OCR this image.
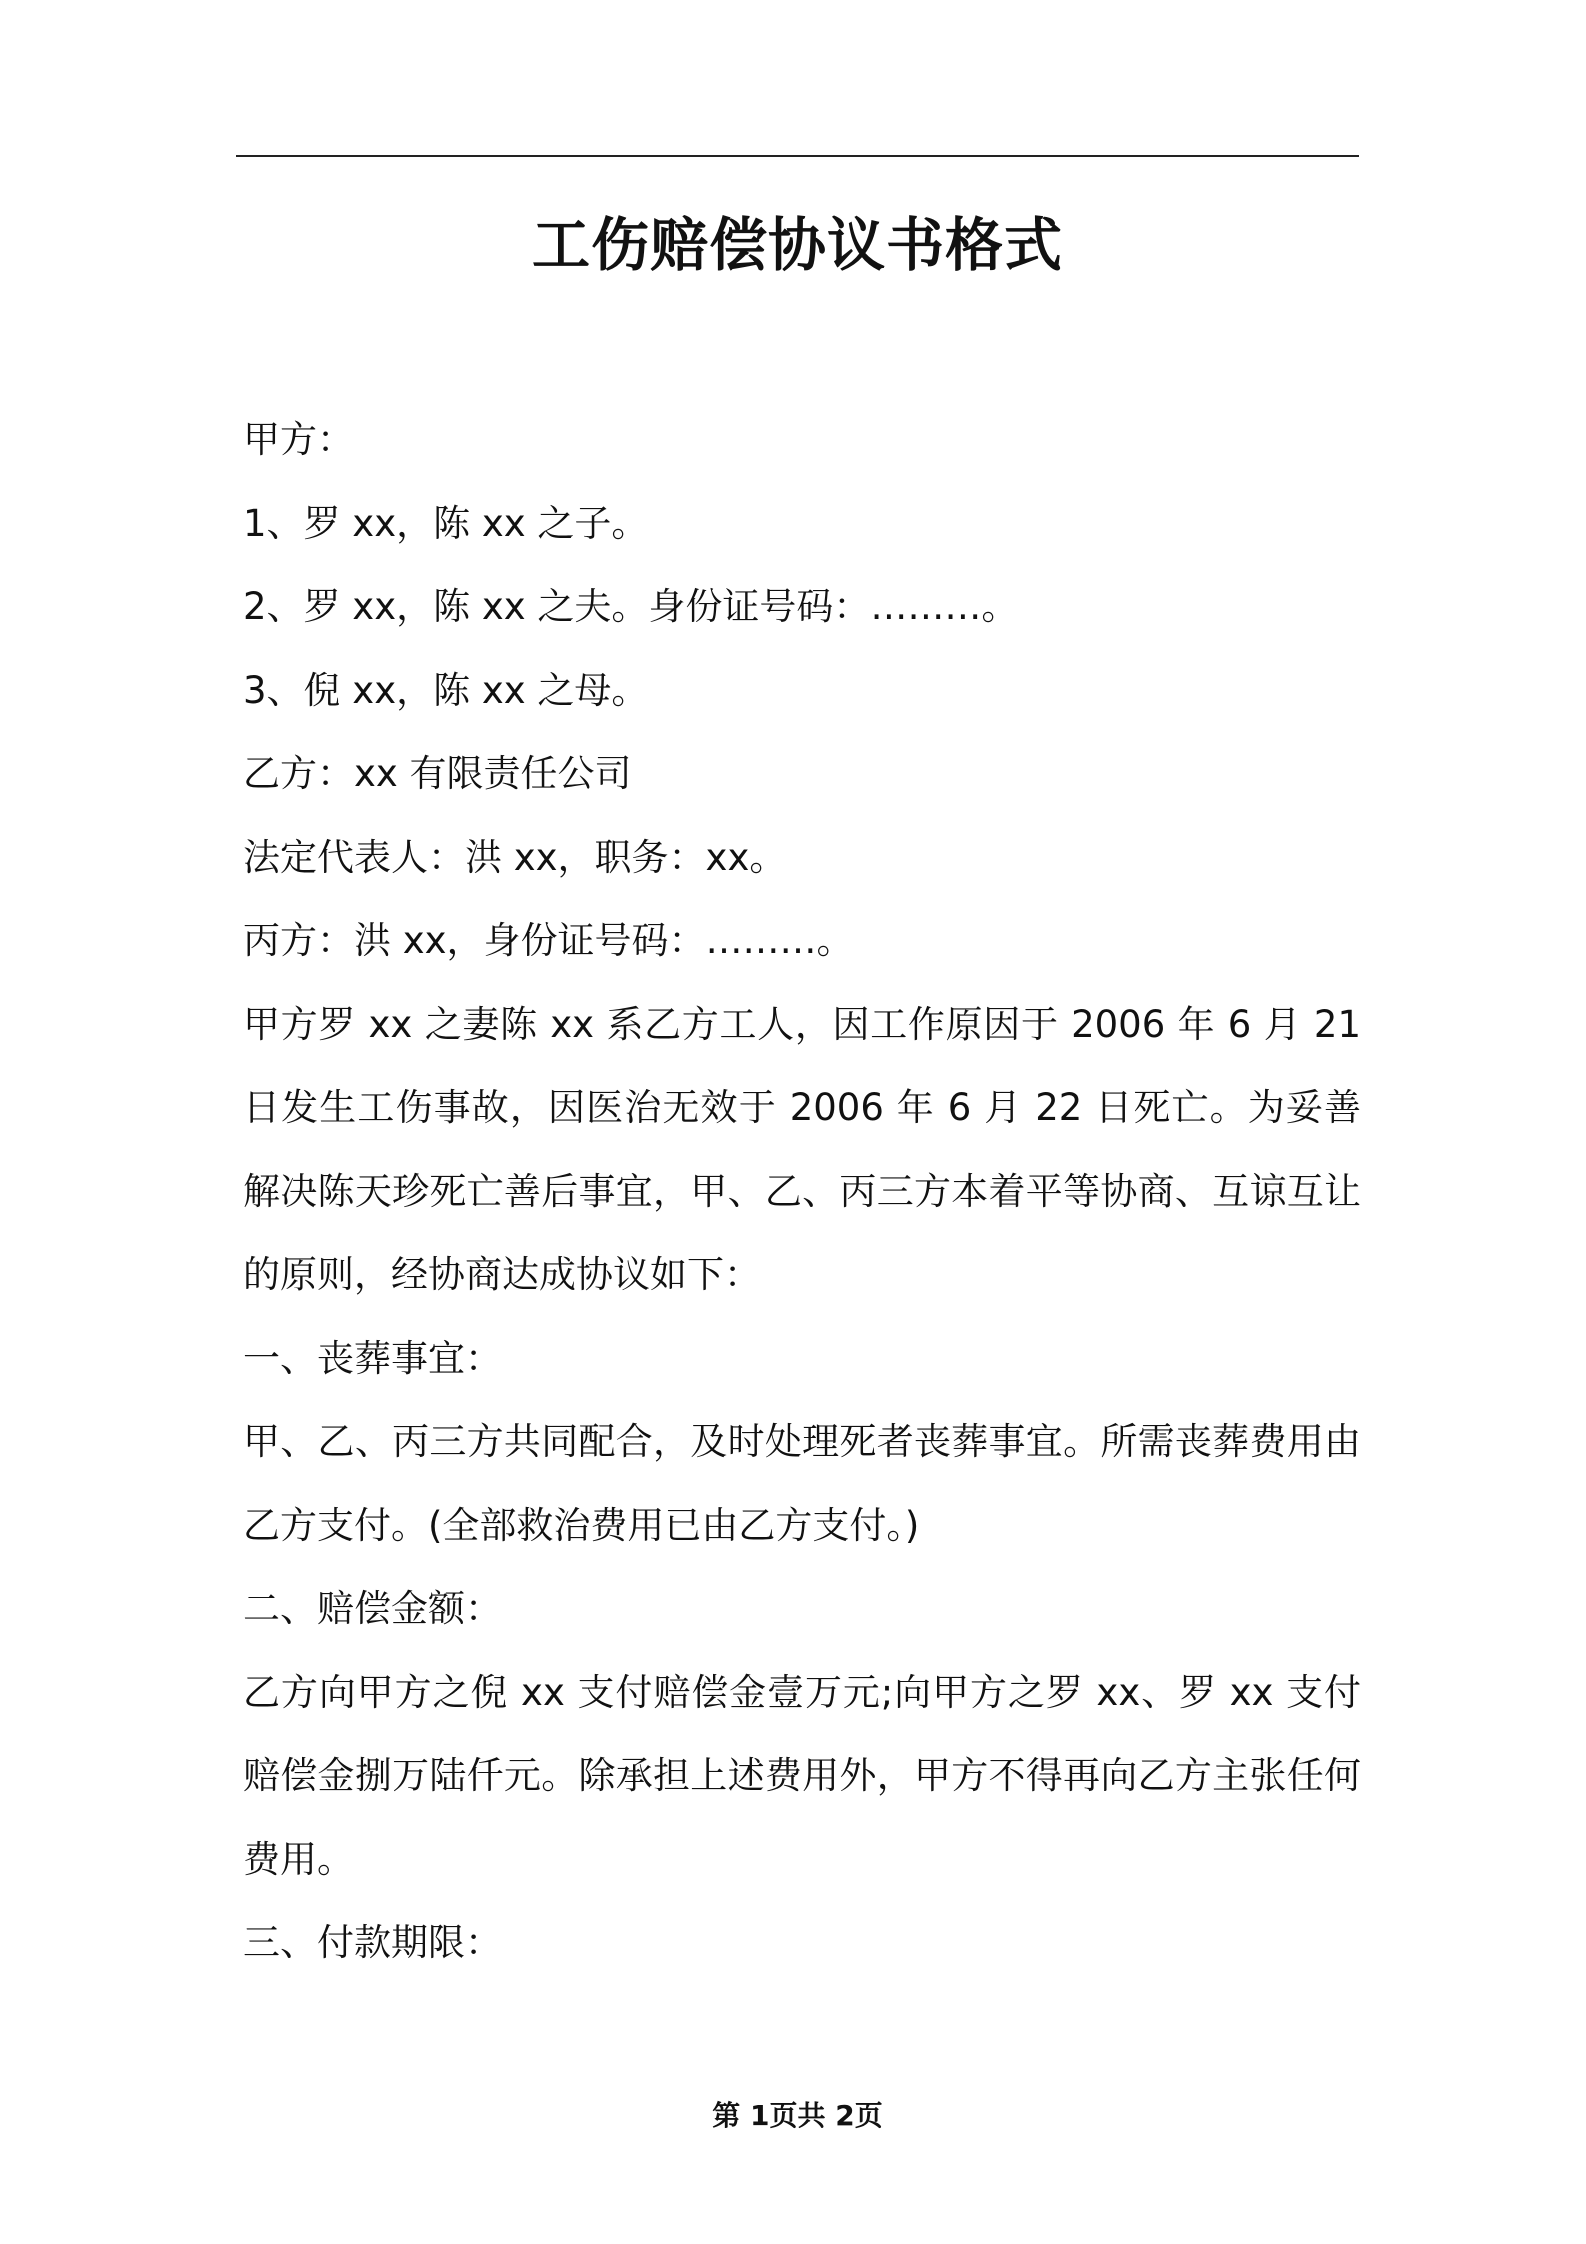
工伤赔偿协议书格式

甲方：

1、罗 xx，陈 xx 之子。

2、罗 xx，陈 xx 之夫。身份证号码：………。

3、倪 xx，陈 xx 之母。

乙方：xx 有限责任公司

法定代表人：洪 xx，职务：xx。

丙方：洪 xx，身份证号码：………。

甲方罗 xx 之妻陈 xx 系乙方工人，因工作原因于 2006 年 6 月 21 日发生工伤事故，因医治无效于 2006 年 6 月 22 日死亡。为妥善解决陈天珍死亡善后事宜，甲、乙、丙三方本着平等协商、互谅互让的原则，经协商达成协议如下：

一、丧葬事宜：

甲、乙、丙三方共同配合，及时处理死者丧葬事宜。所需丧葬费用由乙方支付。(全部救治费用已由乙方支付。)

二、赔偿金额：

乙方向甲方之倪 xx 支付赔偿金壹万元;向甲方之罗 xx、罗 xx 支付赔偿金捌万陆仟元。除承担上述费用外，甲方不得再向乙方主张任何费用。

三、付款期限：

第 1页共 2页
